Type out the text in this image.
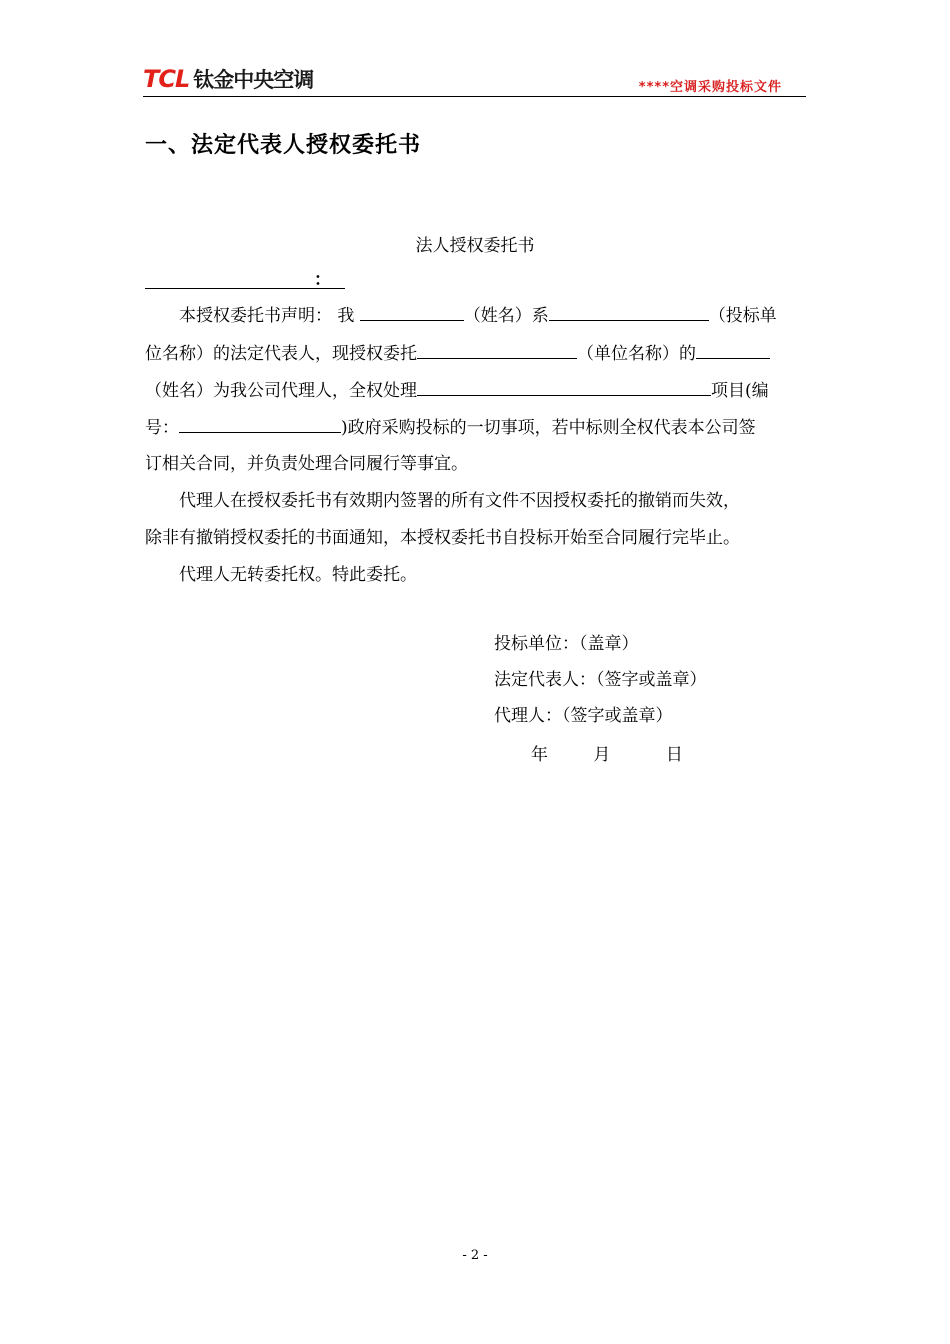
TCL 钛金中央空调	****空调采购投标文件
一、法定代表人授权委托书
法人授权委托书
：
本授权委托书声明： 我	（姓名）系	（投标单
位名称）的法定代表人，现授权委托	（单位名称）的
（姓名）为我公司代理人，全权处理	项目(编
号：	)政府采购投标的一切事项，若中标则全权代表本公司签
订相关合同，并负责处理合同履行等事宜。
代理人在授权委托书有效期内签署的所有文件不因授权委托的撤销而失效，
除非有撤销授权委托的书面通知，本授权委托书自投标开始至合同履行完毕止。
代理人无转委托权。特此委托。
投标单位：（盖章）
法定代表人：（签字或盖章）
代理人：（签字或盖章）
年	月	日
- 2 -
